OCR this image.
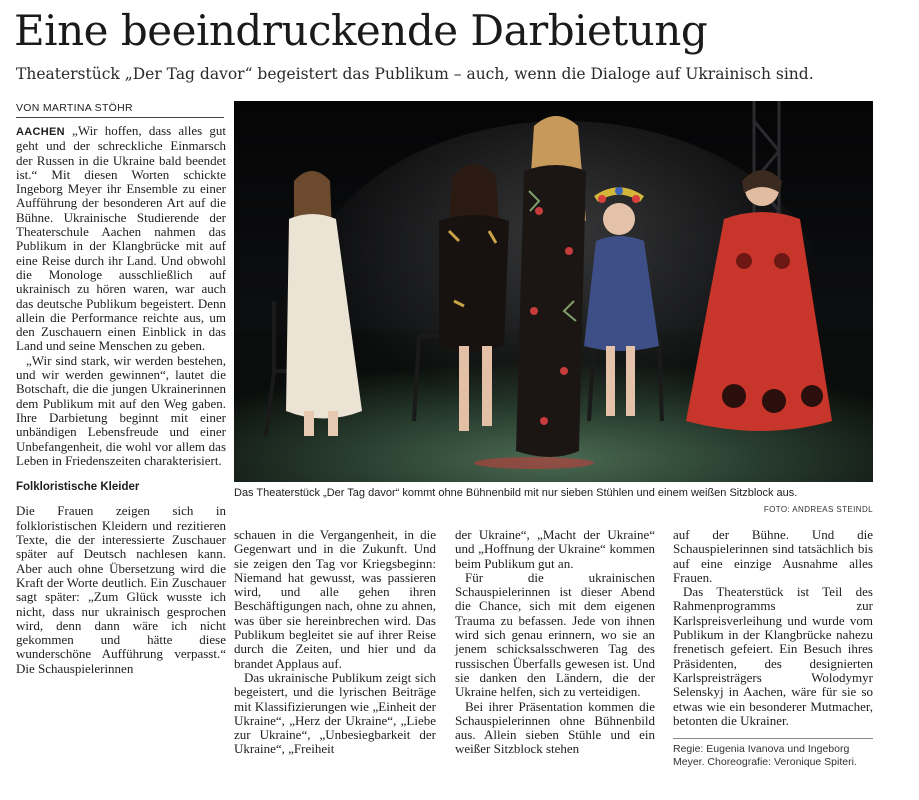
Eine beeindruckende Darbietung

Theaterstück „Der Tag davor“ begeistert das Publikum – auch, wenn die Dialoge auf Ukrainisch sind.

VON MARTINA STÖHR

AACHEN „Wir hoffen, dass alles gut geht und der schreckliche Einmarsch der Russen in die Ukraine bald beendet ist.“ Mit diesen Worten schickte Ingeborg Meyer ihr Ensemble zu einer Aufführung der besonderen Art auf die Bühne. Ukrainische Studierende der Theaterschule Aachen nahmen das Publikum in der Klangbrücke mit auf eine Reise durch ihr Land. Und obwohl die Monologe ausschließlich auf ukrainisch zu hören waren, war auch das deutsche Publikum begeistert. Denn allein die Performance reichte aus, um den Zuschauern einen Einblick in das Land und seine Menschen zu geben.

„Wir sind stark, wir werden bestehen, und wir werden gewinnen“, lautet die Botschaft, die die jungen Ukrainerinnen dem Publikum mit auf den Weg gaben. Ihre Darbietung beginnt mit einer unbändigen Lebensfreude und einer Unbefangenheit, die wohl vor allem das Leben in Friedenszeiten charakterisiert.

Folkloristische Kleider

Die Frauen zeigen sich in folkloristischen Kleidern und rezitieren Texte, die der interessierte Zuschauer später auf Deutsch nachlesen kann. Aber auch ohne Übersetzung wird die Kraft der Worte deutlich. Ein Zuschauer sagt später: „Zum Glück wusste ich nicht, dass nur ukrainisch gesprochen wird, denn dann wäre ich nicht gekommen und hätte diese wunderschöne Aufführung verpasst.“ Die Schauspielerinnen

Das Theaterstück „Der Tag davor“ kommt ohne Bühnenbild mit nur sieben Stühlen und einem weißen Sitzblock aus.

FOTO: ANDREAS STEINDL

schauen in die Vergangenheit, in die Gegenwart und in die Zukunft. Und sie zeigen den Tag vor Kriegsbeginn: Niemand hat gewusst, was passieren wird, und alle gehen ihren Beschäftigungen nach, ohne zu ahnen, was über sie hereinbrechen wird. Das Publikum begleitet sie auf ihrer Reise durch die Zeiten, und hier und da brandet Applaus auf.

Das ukrainische Publikum zeigt sich begeistert, und die lyrischen Beiträge mit Klassifizierungen wie „Einheit der Ukraine“, „Herz der Ukraine“, „Liebe zur Ukraine“, „Unbesiegbarkeit der Ukraine“, „Freiheit

der Ukraine“, „Macht der Ukraine“ und „Hoffnung der Ukraine“ kommen beim Publikum gut an.

Für die ukrainischen Schauspielerinnen ist dieser Abend die Chance, sich mit dem eigenen Trauma zu befassen. Jede von ihnen wird sich genau erinnern, wo sie an jenem schicksalsschweren Tag des russischen Überfalls gewesen ist. Und sie danken den Ländern, die der Ukraine helfen, sich zu verteidigen.

Bei ihrer Präsentation kommen die Schauspielerinnen ohne Bühnenbild aus. Allein sieben Stühle und ein weißer Sitzblock stehen

auf der Bühne. Und die Schauspielerinnen sind tatsächlich bis auf eine einzige Ausnahme alles Frauen.

Das Theaterstück ist Teil des Rahmenprogramms zur Karlspreisverleihung und wurde vom Publikum in der Klangbrücke nahezu frenetisch gefeiert. Ein Besuch ihres Präsidenten, des designierten Karlspreisträgers Wolodymyr Selenskyj in Aachen, wäre für sie so etwas wie ein besonderer Mutmacher, betonten die Ukrainer.

Regie: Eugenia Ivanova und Ingeborg Meyer. Choreografie: Veronique Spiteri.
